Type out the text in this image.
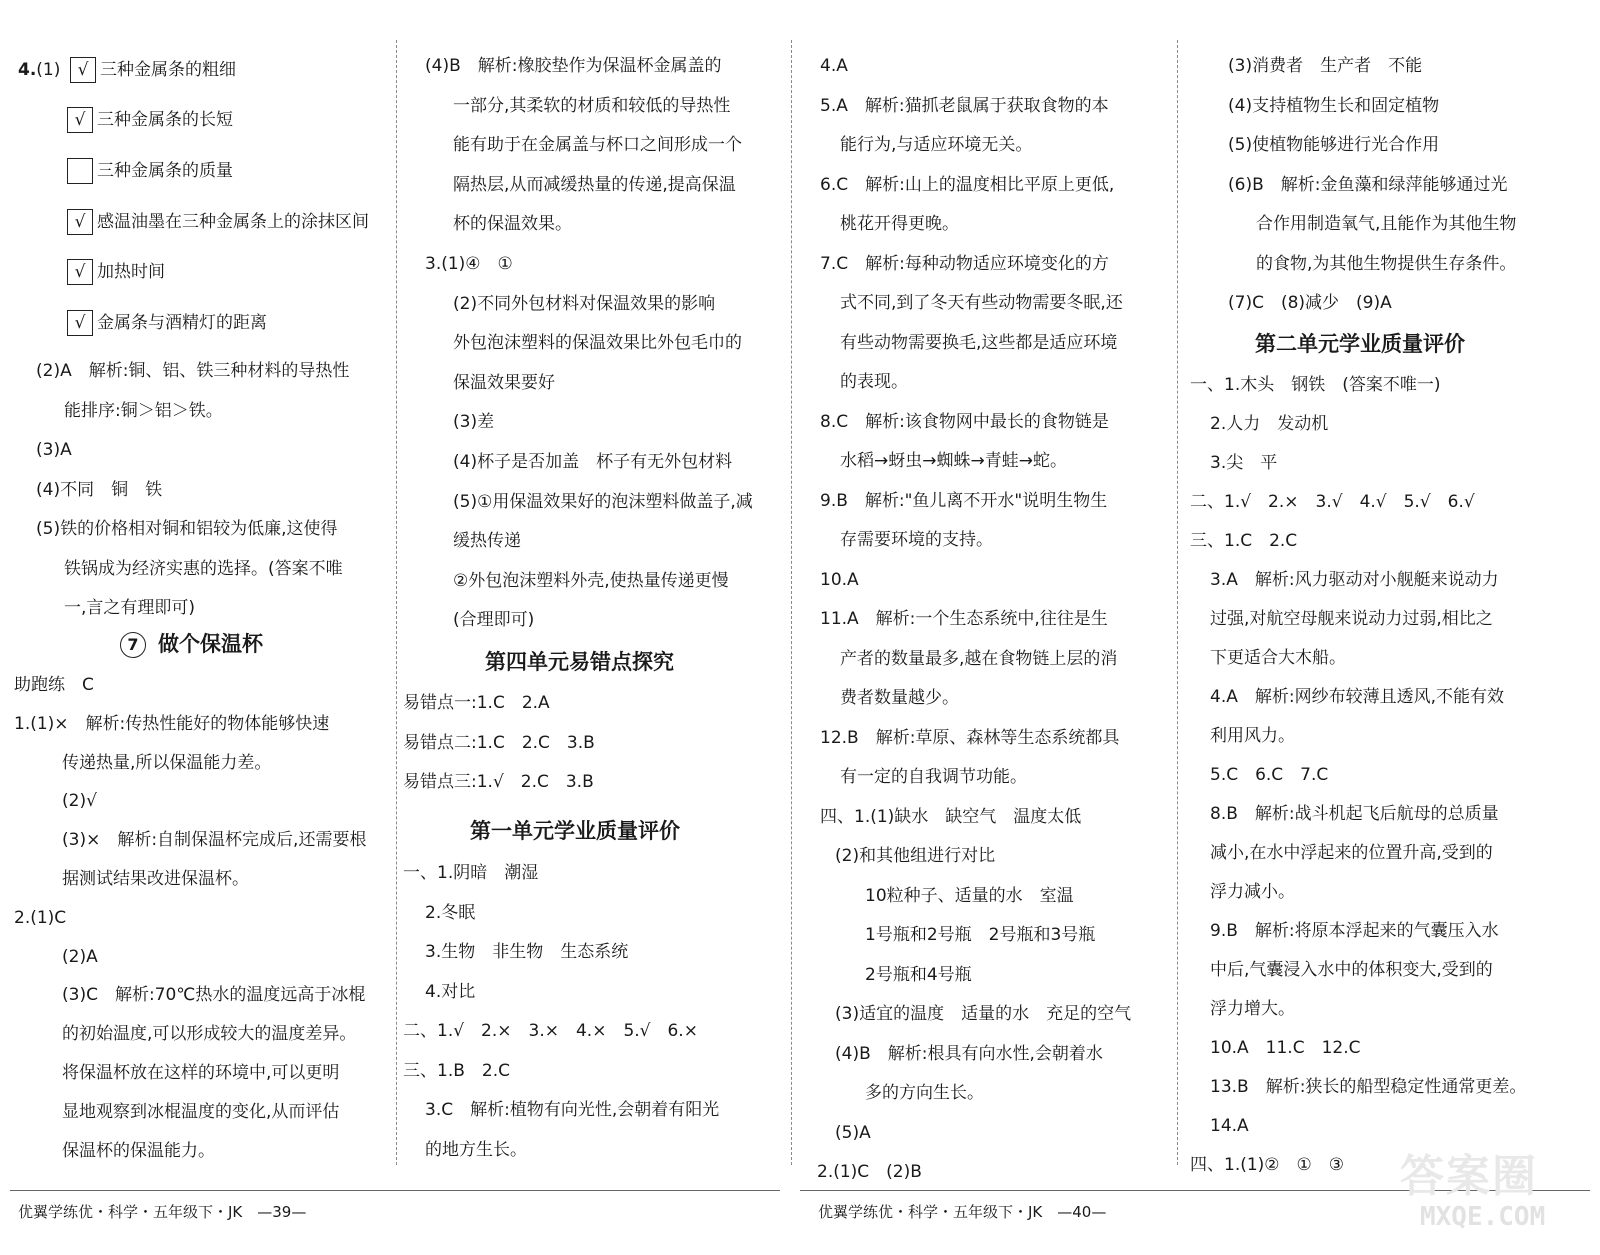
4.(1)	√ 三种金属条的粗细
√ 三种金属条的长短
三种金属条的质量
√ 感温油墨在三种金属条上的涂抹区间
√ 加热时间
√ 金属条与酒精灯的距离
(2)A　解析:铜、铝、铁三种材料的导热性
能排序:铜＞铝＞铁。
(3)A
(4)不同　铜　铁
(5)铁的价格相对铜和铝较为低廉,这使得
铁锅成为经济实惠的选择。(答案不唯
一,言之有理即可)
7 做个保温杯
助跑练　C
1.(1)×　解析:传热性能好的物体能够快速
传递热量,所以保温能力差。
(2)√
(3)×　解析:自制保温杯完成后,还需要根
据测试结果改进保温杯。
2.(1)C
(2)A
(3)C　解析:70℃热水的温度远高于冰棍
的初始温度,可以形成较大的温度差异。
将保温杯放在这样的环境中,可以更明
显地观察到冰棍温度的变化,从而评估
保温杯的保温能力。
(4)B　解析:橡胶垫作为保温杯金属盖的
一部分,其柔软的材质和较低的导热性
能有助于在金属盖与杯口之间形成一个
隔热层,从而减缓热量的传递,提高保温
杯的保温效果。
3.(1)④　①
(2)不同外包材料对保温效果的影响
外包泡沫塑料的保温效果比外包毛巾的
保温效果要好
(3)差
(4)杯子是否加盖　杯子有无外包材料
(5)①用保温效果好的泡沫塑料做盖子,减
缓热传递
②外包泡沫塑料外壳,使热量传递更慢
(合理即可)
第四单元易错点探究
易错点一:1.C　2.A
易错点二:1.C　2.C　3.B
易错点三:1.√　2.C　3.B
第一单元学业质量评价
一、1.阴暗　潮湿
2.冬眠
3.生物　非生物　生态系统
4.对比
二、1.√　2.×　3.×　4.×　5.√　6.×
三、1.B　2.C
3.C　解析:植物有向光性,会朝着有阳光
的地方生长。
4.A
5.A　解析:猫抓老鼠属于获取食物的本
能行为,与适应环境无关。
6.C　解析:山上的温度相比平原上更低,
桃花开得更晚。
7.C　解析:每种动物适应环境变化的方
式不同,到了冬天有些动物需要冬眠,还
有些动物需要换毛,这些都是适应环境
的表现。
8.C　解析:该食物网中最长的食物链是
水稻→蚜虫→蜘蛛→青蛙→蛇。
9.B　解析:"鱼儿离不开水"说明生物生
存需要环境的支持。
10.A
11.A　解析:一个生态系统中,往往是生
产者的数量最多,越在食物链上层的消
费者数量越少。
12.B　解析:草原、森林等生态系统都具
有一定的自我调节功能。
四、1.(1)缺水　缺空气　温度太低
(2)和其他组进行对比
10粒种子、适量的水　室温
1号瓶和2号瓶　2号瓶和3号瓶
2号瓶和4号瓶
(3)适宜的温度　适量的水　充足的空气
(4)B　解析:根具有向水性,会朝着水
多的方向生长。
(5)A
2.(1)C　(2)B
(3)消费者　生产者　不能
(4)支持植物生长和固定植物
(5)使植物能够进行光合作用
(6)B　解析:金鱼藻和绿萍能够通过光
合作用制造氧气,且能作为其他生物
的食物,为其他生物提供生存条件。
(7)C　(8)减少　(9)A
第二单元学业质量评价
一、1.木头　钢铁　(答案不唯一)
2.人力　发动机
3.尖　平
二、1.√　2.×　3.√　4.√　5.√　6.√
三、1.C　2.C
3.A　解析:风力驱动对小舰艇来说动力
过强,对航空母舰来说动力过弱,相比之
下更适合大木船。
4.A　解析:网纱布较薄且透风,不能有效
利用风力。
5.C　6.C　7.C
8.B　解析:战斗机起飞后航母的总质量
减小,在水中浮起来的位置升高,受到的
浮力减小。
9.B　解析:将原本浮起来的气囊压入水
中后,气囊浸入水中的体积变大,受到的
浮力增大。
10.A　11.C　12.C
13.B　解析:狭长的船型稳定性通常更差。
14.A
四、1.(1)②　①　③
优翼学练优・科学・五年级下・JK　—39—	优翼学练优・科学・五年级下・JK　—40—
答案圈
MXQE.COM
